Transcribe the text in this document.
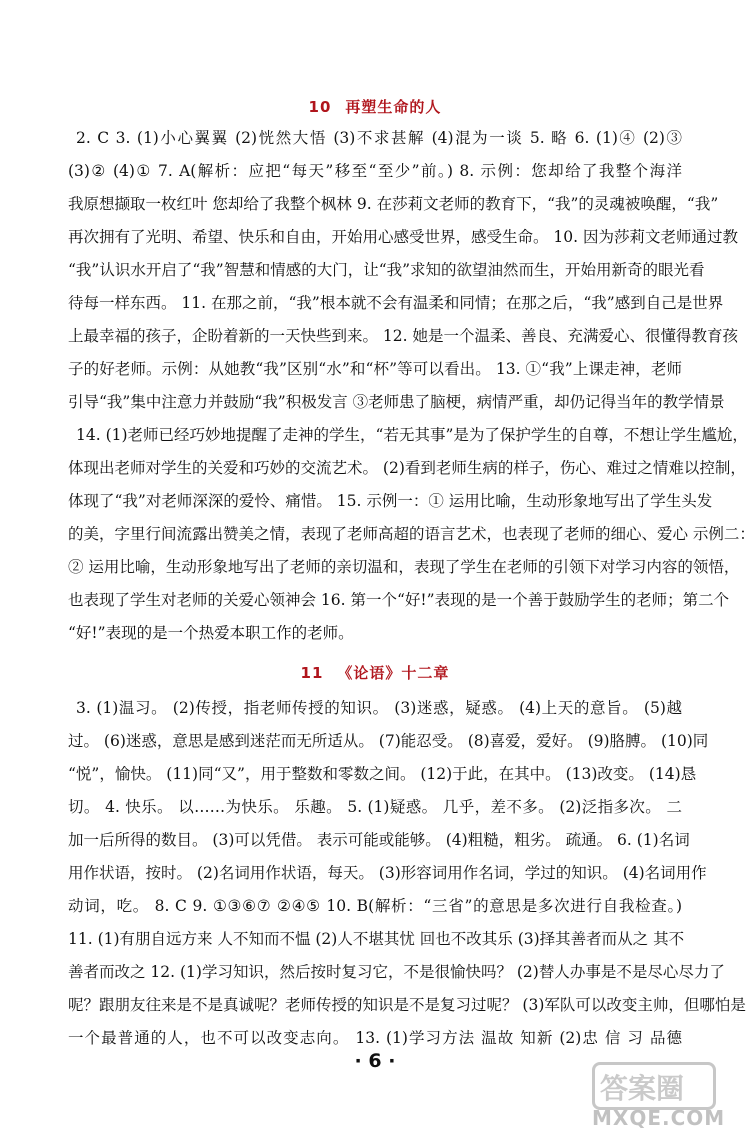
10 再塑生命的人
2. C 3. (1)小心翼翼 (2)恍然大悟 (3)不求甚解 (4)混为一谈 5. 略 6. (1)④ (2)③
(3)② (4)① 7. A(解析：应把“每天”移至“至少”前。) 8. 示例：您却给了我整个海洋
我原想撷取一枚红叶 您却给了我整个枫林 9. 在莎莉文老师的教育下，“我”的灵魂被唤醒，“我”
再次拥有了光明、希望、快乐和自由，开始用心感受世界，感受生命。 10. 因为莎莉文老师通过教
“我”认识水开启了“我”智慧和情感的大门，让“我”求知的欲望油然而生，开始用新奇的眼光看
待每一样东西。 11. 在那之前，“我”根本就不会有温柔和同情；在那之后，“我”感到自己是世界
上最幸福的孩子，企盼着新的一天快些到来。 12. 她是一个温柔、善良、充满爱心、很懂得教育孩
子的好老师。示例：从她教“我”区别“水”和“杯”等可以看出。 13. ①“我”上课走神，老师
引导“我”集中注意力并鼓励“我”积极发言 ③老师患了脑梗，病情严重，却仍记得当年的教学情景
14. (1)老师已经巧妙地提醒了走神的学生，“若无其事”是为了保护学生的自尊，不想让学生尴尬，
体现出老师对学生的关爱和巧妙的交流艺术。 (2)看到老师生病的样子，伤心、难过之情难以控制，
体现了“我”对老师深深的爱怜、痛惜。 15. 示例一：① 运用比喻，生动形象地写出了学生头发
的美，字里行间流露出赞美之情，表现了老师高超的语言艺术，也表现了老师的细心、爱心 示例二：
② 运用比喻，生动形象地写出了老师的亲切温和，表现了学生在老师的引领下对学习内容的领悟，
也表现了学生对老师的关爱心领神会 16. 第一个“好!”表现的是一个善于鼓励学生的老师；第二个
“好!”表现的是一个热爱本职工作的老师。
11 《论语》十二章
3. (1)温习。 (2)传授，指老师传授的知识。 (3)迷惑，疑惑。 (4)上天的意旨。 (5)越
过。 (6)迷惑，意思是感到迷茫而无所适从。 (7)能忍受。 (8)喜爱，爱好。 (9)胳膊。 (10)同
“悦”，愉快。 (11)同“又”，用于整数和零数之间。 (12)于此，在其中。 (13)改变。 (14)恳
切。 4. 快乐。 以……为快乐。 乐趣。 5. (1)疑惑。 几乎，差不多。 (2)泛指多次。 二
加一后所得的数目。 (3)可以凭借。 表示可能或能够。 (4)粗糙，粗劣。 疏通。 6. (1)名词
用作状语，按时。 (2)名词用作状语，每天。 (3)形容词用作名词，学过的知识。 (4)名词用作
动词，吃。 8. C 9. ①③⑥⑦ ②④⑤ 10. B(解析：“三省”的意思是多次进行自我检查。)
11. (1)有朋自远方来 人不知而不愠 (2)人不堪其忧 回也不改其乐 (3)择其善者而从之 其不
善者而改之 12. (1)学习知识，然后按时复习它，不是很愉快吗？ (2)替人办事是不是尽心尽力了
呢？跟朋友往来是不是真诚呢？老师传授的知识是不是复习过呢？ (3)军队可以改变主帅，但哪怕是
一个最普通的人，也不可以改变志向。 13. (1)学习方法 温故 知新 (2)忠 信 习 品德
· 6 ·
答案圈
MXQE.COM
